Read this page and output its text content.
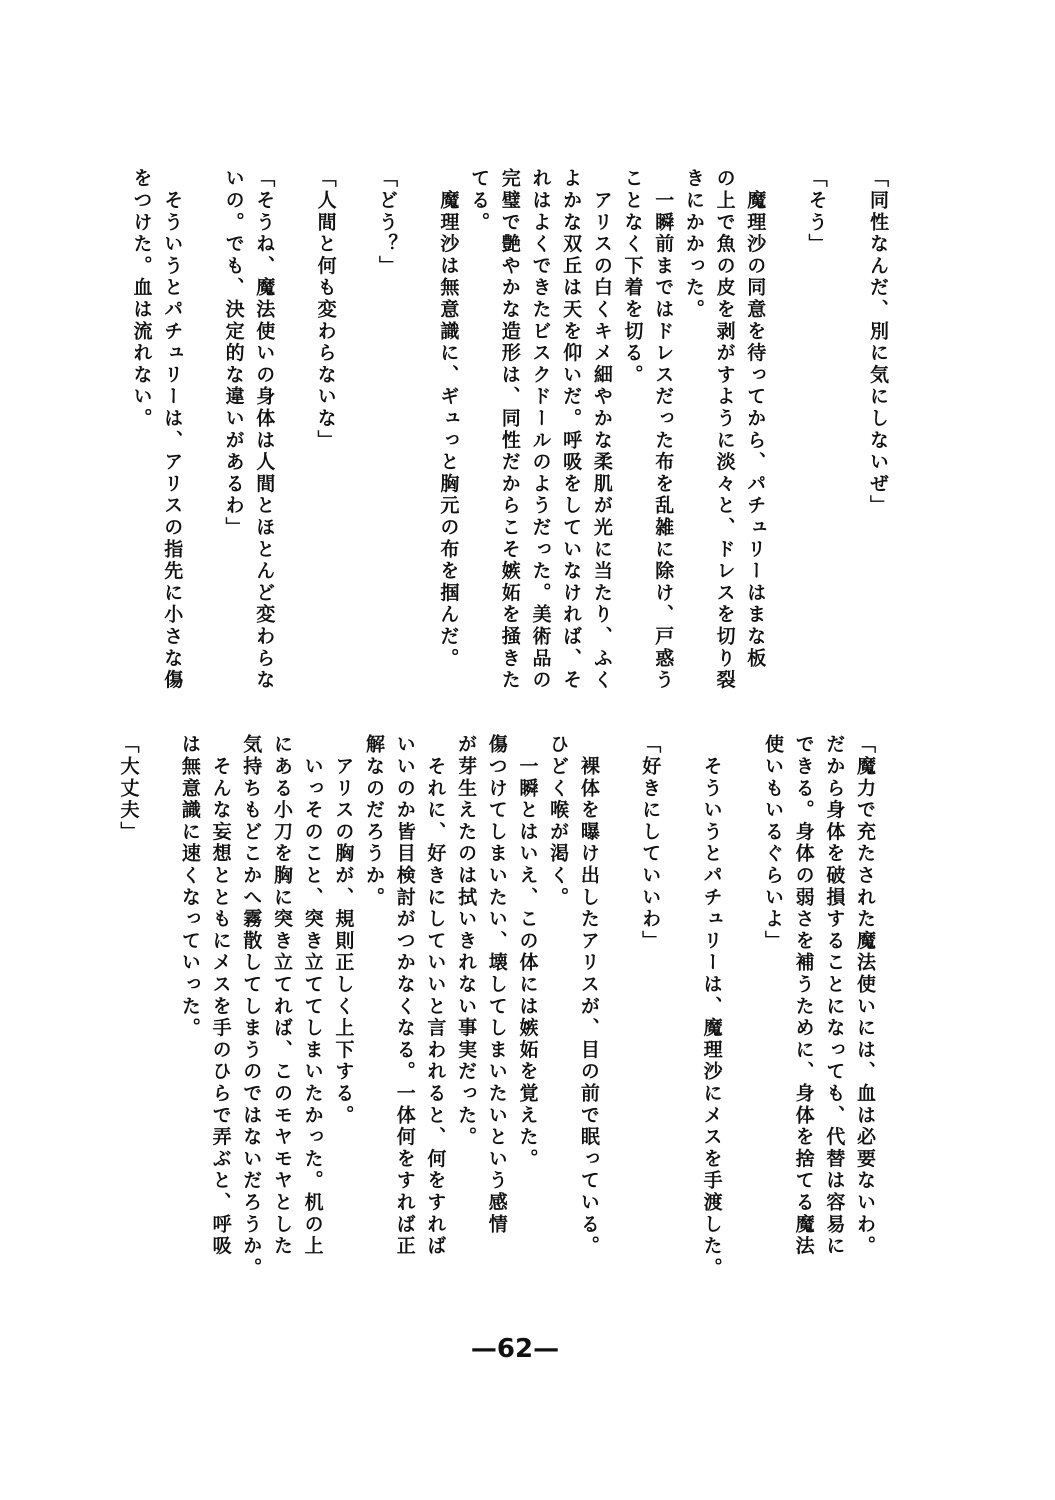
「同性なんだ、別に気にしないぜ」
「そう」
　魔理沙の同意を待ってから、パチュリーはまな板
の上で魚の皮を剥がすように淡々と、ドレスを切り裂
きにかかった。
　一瞬前まではドレスだった布を乱雑に除け、戸惑う
ことなく下着を切る。
　アリスの白くキメ細やかな柔肌が光に当たり、ふく
よかな双丘は天を仰いだ。呼吸をしていなければ、そ
れはよくできたビスクドールのようだった。美術品の
完璧で艶やかな造形は、同性だからこそ嫉妬を掻きた
てる。
　魔理沙は無意識に、ギュっと胸元の布を掴んだ。
「どう？」
「人間と何も変わらないな」
「そうね、魔法使いの身体は人間とほとんど変わらな
いの。でも、決定的な違いがあるわ」
　そういうとパチュリーは、アリスの指先に小さな傷
をつけた。血は流れない。
「魔力で充たされた魔法使いには、血は必要ないわ。
だから身体を破損することになっても、代替は容易に
できる。身体の弱さを補うために、身体を捨てる魔法
使いもいるぐらいよ」
　そういうとパチュリーは、魔理沙にメスを手渡した。
「好きにしていいわ」
　裸体を曝け出したアリスが、目の前で眠っている。
ひどく喉が渇く。
　一瞬とはいえ、この体には嫉妬を覚えた。
傷つけてしまいたい、壊してしまいたいという感情
が芽生えたのは拭いきれない事実だった。
　それに、好きにしていいと言われると、何をすれば
いいのか皆目検討がつかなくなる。一体何をすれば正
解なのだろうか。
　アリスの胸が、規則正しく上下する。
　いっそのこと、突き立ててしまいたかった。机の上
にある小刀を胸に突き立てれば、このモヤモヤとした
気持ちもどこかへ霧散してしまうのではないだろうか。
　そんな妄想とともにメスを手のひらで弄ぶと、呼吸
は無意識に速くなっていった。
「大丈夫」
—62—
